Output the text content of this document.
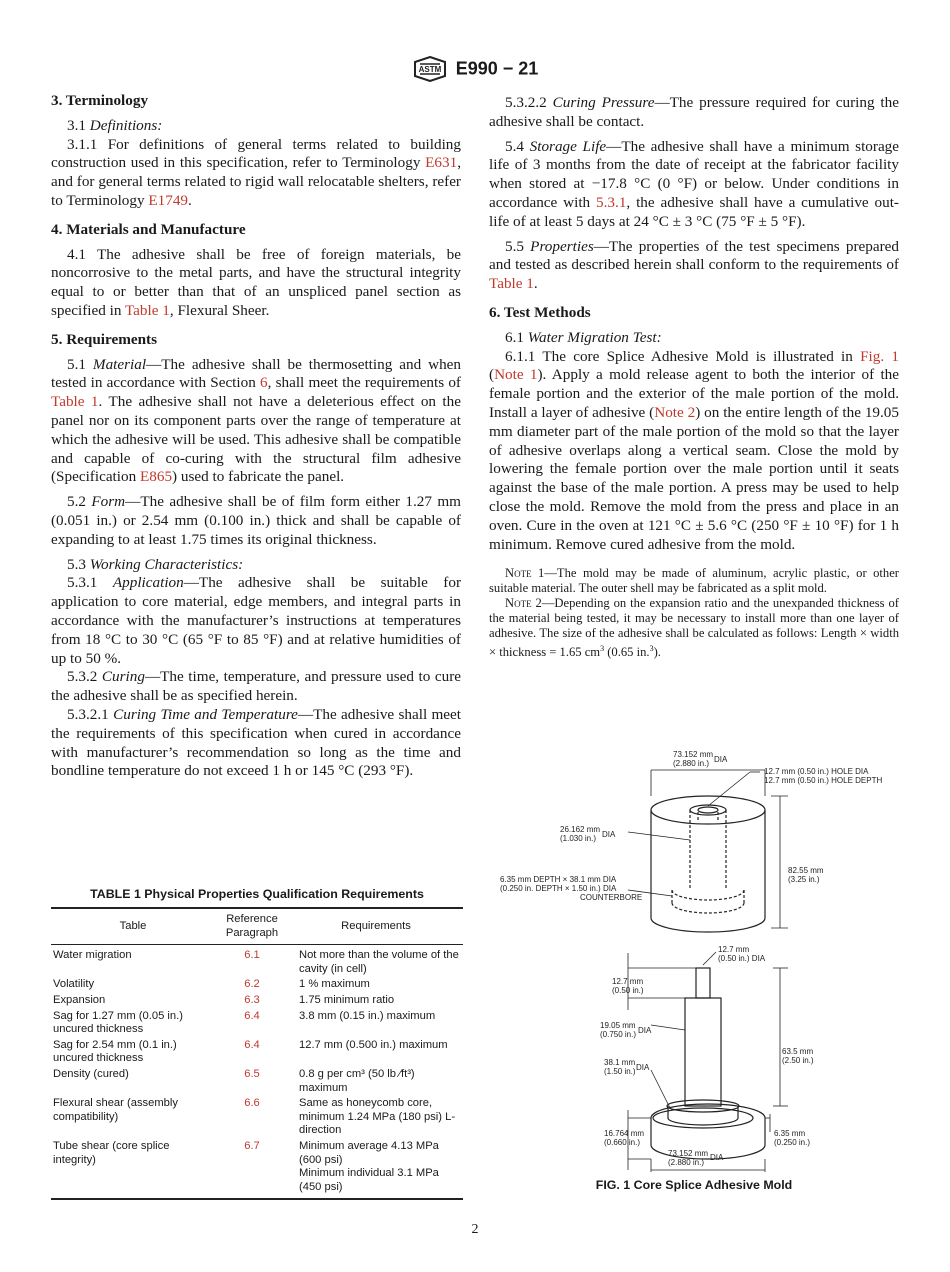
ASTM E990 − 21
3. Terminology

3.1 Definitions:

3.1.1 For definitions of general terms related to building construction used in this specification, refer to Terminology E631, and for general terms related to rigid wall relocatable shelters, refer to Terminology E1749.

4. Materials and Manufacture

4.1 The adhesive shall be free of foreign materials, be noncorrosive to the metal parts, and have the structural integrity equal to or better than that of an unspliced panel section as specified in Table 1, Flexural Sheer.

5. Requirements

5.1 Material—The adhesive shall be thermosetting and when tested in accordance with Section 6, shall meet the requirements of Table 1. The adhesive shall not have a deleterious effect on the panel nor on its component parts over the range of temperature at which the adhesive will be used. This adhesive shall be compatible and capable of co-curing with the structural film adhesive (Specification E865) used to fabricate the panel.

5.2 Form—The adhesive shall be of film form either 1.27 mm (0.051 in.) or 2.54 mm (0.100 in.) thick and shall be capable of expanding to at least 1.75 times its original thickness.

5.3 Working Characteristics:

5.3.1 Application—The adhesive shall be suitable for application to core material, edge members, and integral parts in accordance with the manufacturer’s instructions at temperatures from 18 °C to 30 °C (65 °F to 85 °F) and at relative humidities of up to 50 %.

5.3.2 Curing—The time, temperature, and pressure used to cure the adhesive shall be as specified herein.

5.3.2.1 Curing Time and Temperature—The adhesive shall meet the requirements of this specification when cured in accordance with manufacturer’s recommendation so long as the time and bondline temperature do not exceed 1 h or 145 °C (293 °F).

TABLE 1 Physical Properties Qualification Requirements
Table	Reference Paragraph	Requirements
Water migration	6.1	Not more than the volume of the cavity (in cell)
Volatility	6.2	1 % maximum
Expansion	6.3	1.75 minimum ratio
Sag for 1.27 mm (0.05 in.) uncured thickness	6.4	3.8 mm (0.15 in.) maximum
Sag for 2.54 mm (0.1 in.) uncured thickness	6.4	12.7 mm (0.500 in.) maximum
Density (cured)	6.5	0.8 g per cm³ (50 lb ⁄ft³) maximum
Flexural shear (assembly compatibility)	6.6	Same as honeycomb core, minimum 1.24 MPa (180 psi) L-direction
Tube shear (core splice integrity)	6.7	Minimum average 4.13 MPa (600 psi)
Minimum individual 3.1 MPa (450 psi)

5.3.2.2 Curing Pressure—The pressure required for curing the adhesive shall be contact.

5.4 Storage Life—The adhesive shall have a minimum storage life of 3 months from the date of receipt at the fabricator facility when stored at −17.8 °C (0 °F) or below. Under conditions in accordance with 5.3.1, the adhesive shall have a cumulative out-life of at least 5 days at 24 °C ± 3 °C (75 °F ± 5 °F).

5.5 Properties—The properties of the test specimens prepared and tested as described herein shall conform to the requirements of Table 1.

6. Test Methods

6.1 Water Migration Test:

6.1.1 The core Splice Adhesive Mold is illustrated in Fig. 1 (Note 1). Apply a mold release agent to both the interior of the female portion and the exterior of the male portion of the mold. Install a layer of adhesive (Note 2) on the entire length of the 19.05 mm diameter part of the male portion of the mold so that the layer of adhesive overlaps along a vertical seam. Close the mold by lowering the female portion over the male portion until it seats against the base of the male portion. A press may be used to help close the mold. Remove the mold from the press and place in an oven. Cure in the oven at 121 °C ± 5.6 °C (250 °F ± 10 °F) for 1 h minimum. Remove cured adhesive from the mold.

Note 1—The mold may be made of aluminum, acrylic plastic, or other suitable material. The outer shell may be fabricated as a split mold.

Note 2—Depending on the expansion ratio and the unexpanded thickness of the material being tested, it may be necessary to install more than one layer of adhesive. The size of the adhesive shall be calculated as follows: Length × width × thickness = 1.65 $cm^3$ (0.65 in.$^3$).

73.152 mm
(2.880 in.) DIA
12.7 mm (0.50 in.) HOLE DIA
12.7 mm (0.50 in.) HOLE DEPTH
26.162 mm
(1.030 in.) DIA
82.55 mm
(3.25 in.)
6.35 mm DEPTH × 38.1 mm DIA
(0.250 in. DEPTH × 1.50 in.) DIA
COUNTERBORE
12.7 mm
(0.50 in.) DIA
12.7 mm
(0.50 in.)
19.05 mm
(0.750 in.) DIA
38.1 mm
(1.50 in.) DIA
63.5 mm
(2.50 in.)
16.764 mm
(0.660 in.)
6.35 mm
(0.250 in.)
73.152 mm
(2.880 in.)
DIA
FIG. 1 Core Splice Adhesive Mold
2
